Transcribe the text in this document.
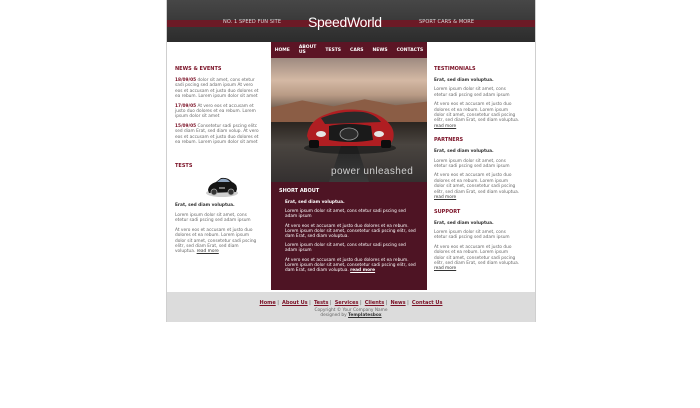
NO. 1 SPEED FUN SITE SpeedWorld	SPORT CARS & MORE
HOME	ABOUT US	TESTS	CARS	NEWS	CONTACTS
NEWS & EVENTS
18/09/05 dolor sit amet, cons etetur sadi pscing sed adam ipsum At vero eos et accusam et justo duo dolores et ea rebum. Lorem ipsum dolor sit amet
17/09/05 At vero eos et accusam et justo duo dolores et ea rebum. Lorem ipsum dolor sit amet
15/09/05 Consetetur sadi pscing elitc sed diam Erat, sed diam volup. At vero eos et accusam et justo duo dolores et ea rebum. Lorem ipsum dolor sit amet
TESTS
Erat, sed diam voluptua.
Lorem ipsum dolor sit amet, cons etetur sadi pscing sed adam ipsum
At vero eos et accusam et justo duo dolores et ea rebum. Lorem ipsum dolor sit amet, consetetur sadi pscing elitr, sed diam Erat, sed diam voluptua. read more
power unleashed
SHORT ABOUT
Erat, sed diam voluptua.
Lorem ipsum dolor sit amet, cons etetur sadi pscing sed adam ipsum
At vero eos et accusam et justo duo dolores et ea rebum. Lorem ipsum dolor sit amet, consetetur sadi pscing elitr, sed dam Erat, sed diam voluptua.
Lorem ipsum dolor sit amet, cons etetur sadi pscing sed adam ipsum
At vero eos et accusam et justo duo dolores et ea rebum. Lorem ipsum dolor sit amet, consetetur sadi pscing elitr, sed dam Erat, sed diam voluptua. read more
TESTIMONIALS
Erat, sed diam voluptua.
Lorem ipsum dolor sit amet, cons etetur sadi pscing sed adam ipsum
At vero eos et accusam et justo duo dolores et ea rebum. Lorem ipsum dolor sit amet, consetetur sadi pscing elitr, sed diam Erat, sed diam voluptua.
read more
PARTNERS
Erat, sed diam voluptua.
Lorem ipsum dolor sit amet, cons etetur sadi pscing sed adam ipsum
At vero eos et accusam et justo duo dolores et ea rebum. Lorem ipsum dolor sit amet, consetetur sadi pscing elitr, sed diam Erat, sed diam voluptua.
read more
SUPPORT
Erat, sed diam voluptua.
Lorem ipsum dolor sit amet, cons etetur sadi pscing sed adam ipsum
At vero eos et accusam et justo duo dolores et ea rebum. Lorem ipsum dolor sit amet, consetetur sadi pscing elitr, sed diam Erat, sed diam voluptua.
read more
Home | About Us | Tests | Services | Clients | News | Contact Us
Copyright © Your Company Name
designed by Templatesbox
